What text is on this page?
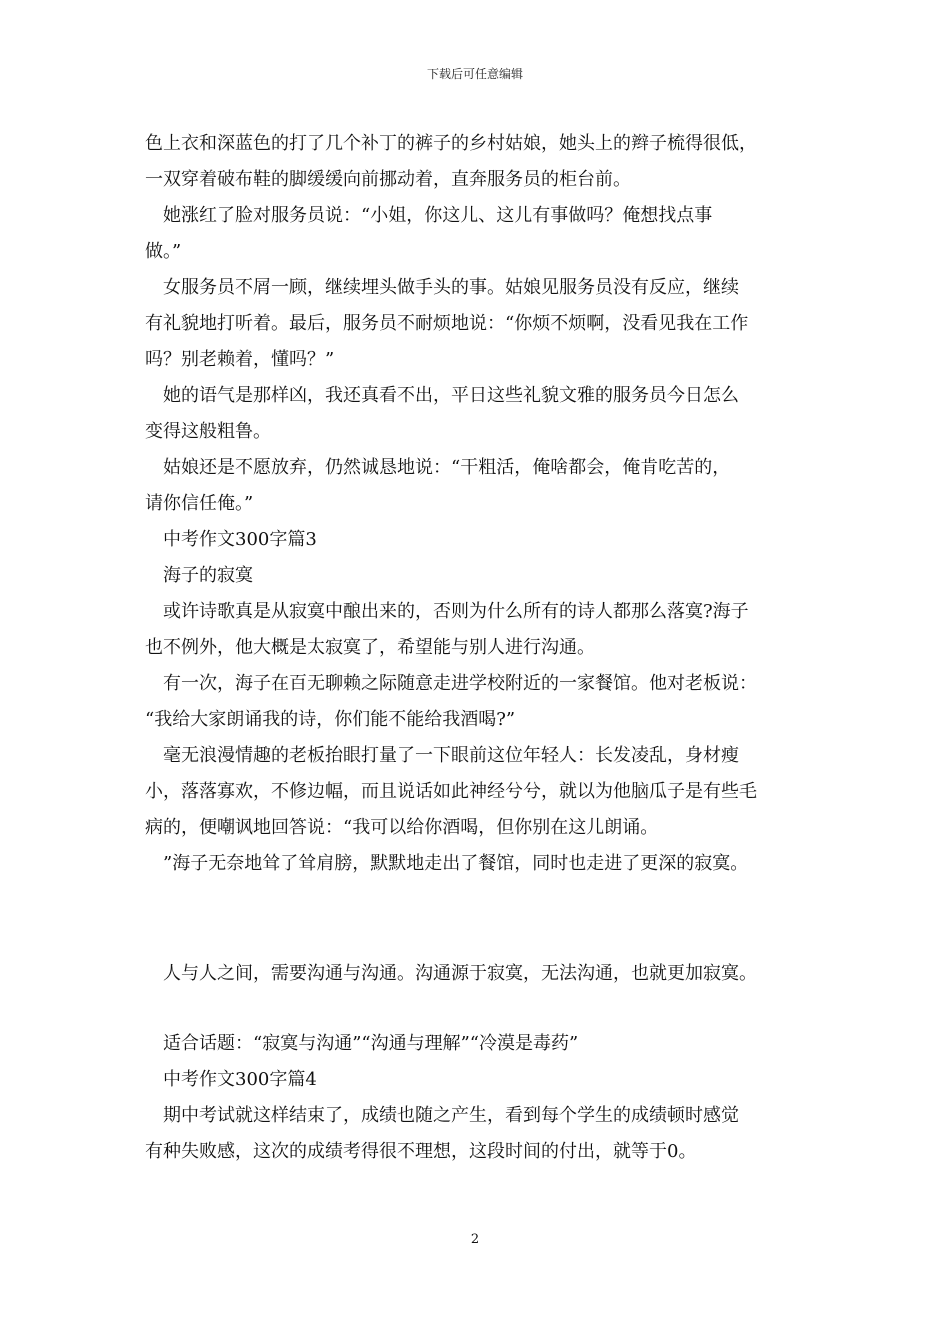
下载后可任意编辑
色上衣和深蓝色的打了几个补丁的裤子的乡村姑娘，她头上的辫子梳得很低，
一双穿着破布鞋的脚缓缓向前挪动着，直奔服务员的柜台前。
　她涨红了脸对服务员说：“小姐，你这儿、这儿有事做吗？俺想找点事
做。”
　女服务员不屑一顾，继续埋头做手头的事。姑娘见服务员没有反应，继续
有礼貌地打听着。最后，服务员不耐烦地说：“你烦不烦啊，没看见我在工作
吗？别老赖着，懂吗？”
　她的语气是那样凶，我还真看不出，平日这些礼貌文雅的服务员今日怎么
变得这般粗鲁。
　姑娘还是不愿放弃，仍然诚恳地说：“干粗活，俺啥都会，俺肯吃苦的，
请你信任俺。”
　中考作文300字篇3
　海子的寂寞
　或许诗歌真是从寂寞中酿出来的，否则为什么所有的诗人都那么落寞?海子
也不例外，他大概是太寂寞了，希望能与别人进行沟通。
　有一次，海子在百无聊赖之际随意走进学校附近的一家餐馆。他对老板说：
“我给大家朗诵我的诗，你们能不能给我酒喝?”
　毫无浪漫情趣的老板抬眼打量了一下眼前这位年轻人：长发凌乱，身材瘦
小，落落寡欢，不修边幅，而且说话如此神经兮兮，就以为他脑瓜子是有些毛
病的，便嘲讽地回答说：“我可以给你酒喝，但你别在这儿朗诵。
　”海子无奈地耸了耸肩膀，默默地走出了餐馆，同时也走进了更深的寂寞。
　人与人之间，需要沟通与沟通。沟通源于寂寞，无法沟通，也就更加寂寞。
　适合话题：“寂寞与沟通”“沟通与理解”“冷漠是毒药”
　中考作文300字篇4
　期中考试就这样结束了，成绩也随之产生，看到每个学生的成绩顿时感觉
有种失败感，这次的成绩考得很不理想，这段时间的付出，就等于0。
2
